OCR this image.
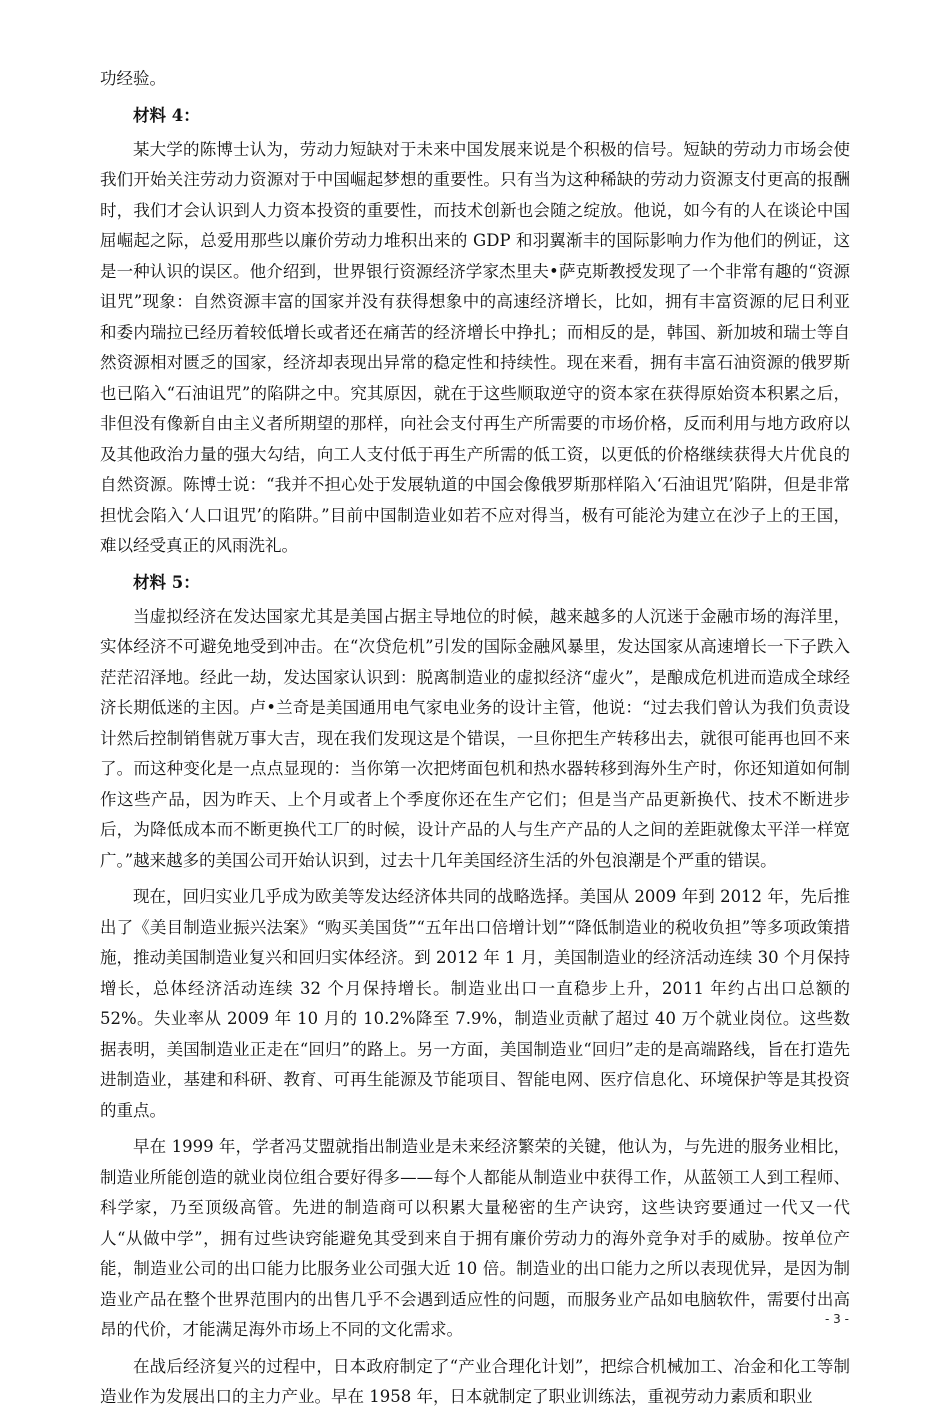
功经验。

材料 4：

某大学的陈博士认为，劳动力短缺对于未来中国发展来说是个积极的信号。短缺的劳动力市场会使我们开始关注劳动力资源对于中国崛起梦想的重要性。只有当为这种稀缺的劳动力资源支付更高的报酬时，我们才会认识到人力资本投资的重要性，而技术创新也会随之绽放。他说，如今有的人在谈论中国屈崛起之际，总爱用那些以廉价劳动力堆积出来的 GDP 和羽翼渐丰的国际影响力作为他们的例证，这是一种认识的误区。他介绍到，世界银行资源经济学家杰里夫•萨克斯教授发现了一个非常有趣的“资源诅咒”现象：自然资源丰富的国家并没有获得想象中的高速经济增长，比如，拥有丰富资源的尼日利亚和委内瑞拉已经历着较低增长或者还在痛苦的经济增长中挣扎；而相反的是，韩国、新加坡和瑞士等自然资源相对匮乏的国家，经济却表现出异常的稳定性和持续性。现在来看，拥有丰富石油资源的俄罗斯也已陷入“石油诅咒”的陷阱之中。究其原因，就在于这些顺取逆守的资本家在获得原始资本积累之后，非但没有像新自由主义者所期望的那样，向社会支付再生产所需要的市场价格，反而利用与地方政府以及其他政治力量的强大勾结，向工人支付低于再生产所需的低工资，以更低的价格继续获得大片优良的自然资源。陈博士说：“我并不担心处于发展轨道的中国会像俄罗斯那样陷入‘石油诅咒’陷阱，但是非常担忧会陷入‘人口诅咒’的陷阱。”目前中国制造业如若不应对得当，极有可能沦为建立在沙子上的王国，难以经受真正的风雨洗礼。

材料 5：

当虚拟经济在发达国家尤其是美国占据主导地位的时候，越来越多的人沉迷于金融市场的海洋里，实体经济不可避免地受到冲击。在“次贷危机”引发的国际金融风暴里，发达国家从高速增长一下子跌入茫茫沼泽地。经此一劫，发达国家认识到：脱离制造业的虚拟经济“虚火”，是酿成危机进而造成全球经济长期低迷的主因。卢•兰奇是美国通用电气家电业务的设计主管，他说：“过去我们曾认为我们负责设计然后控制销售就万事大吉，现在我们发现这是个错误，一旦你把生产转移出去，就很可能再也回不来了。而这种变化是一点点显现的：当你第一次把烤面包机和热水器转移到海外生产时，你还知道如何制作这些产品，因为昨天、上个月或者上个季度你还在生产它们；但是当产品更新换代、技术不断进步后，为降低成本而不断更换代工厂的时候，设计产品的人与生产产品的人之间的差距就像太平洋一样宽广。”越来越多的美国公司开始认识到，过去十几年美国经济生活的外包浪潮是个严重的错误。

现在，回归实业几乎成为欧美等发达经济体共同的战略选择。美国从 2009 年到 2012 年，先后推出了《美目制造业振兴法案》“购买美国货”“五年出口倍增计划”“降低制造业的税收负担”等多项政策措施，推动美国制造业复兴和回归实体经济。到 2012 年 1 月，美国制造业的经济活动连续 30 个月保持增长，总体经济活动连续 32 个月保持增长。制造业出口一直稳步上升，2011 年约占出口总额的 52%。失业率从 2009 年 10 月的 10.2%降至 7.9%，制造业贡献了超过 40 万个就业岗位。这些数据表明，美国制造业正走在“回归”的路上。另一方面，美国制造业“回归”走的是高端路线，旨在打造先进制造业，基建和科研、教育、可再生能源及节能项目、智能电网、医疗信息化、环境保护等是其投资的重点。

早在 1999 年，学者冯艾盟就指出制造业是未来经济繁荣的关键，他认为，与先进的服务业相比，制造业所能创造的就业岗位组合要好得多——每个人都能从制造业中获得工作，从蓝领工人到工程师、科学家，乃至顶级高管。先进的制造商可以积累大量秘密的生产诀窍，这些诀窍要通过一代又一代人“从做中学”，拥有过些诀窍能避免其受到来自于拥有廉价劳动力的海外竞争对手的威胁。按单位产能，制造业公司的出口能力比服务业公司强大近 10 倍。制造业的出口能力之所以表现优异，是因为制造业产品在整个世界范围内的出售几乎不会遇到适应性的问题，而服务业产品如电脑软件，需要付出高昂的代价，才能满足海外市场上不同的文化需求。

在战后经济复兴的过程中，日本政府制定了“产业合理化计划”，把综合机械加工、冶金和化工等制造业作为发展出口的主力产业。早在 1958 年，日本就制定了职业训练法，重视劳动力素质和职业

- 3 -
